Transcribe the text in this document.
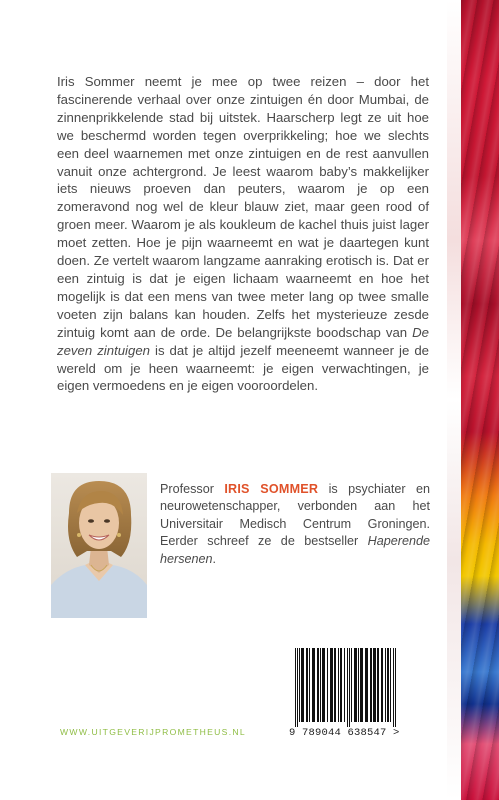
Iris Sommer neemt je mee op twee reizen – door het fascinerende verhaal over onze zintuigen én door Mumbai, de zinnenprikkelende stad bij uitstek. Haarscherp legt ze uit hoe we beschermd worden tegen overprikkeling; hoe we slechts een deel waarnemen met onze zintuigen en de rest aanvullen vanuit onze achtergrond. Je leest waarom baby’s makkelijker iets nieuws proeven dan peuters, waarom je op een zomeravond nog wel de kleur blauw ziet, maar geen rood of groen meer. Waarom je als koukleum de kachel thuis juist lager moet zetten. Hoe je pijn waarneemt en wat je daartegen kunt doen. Ze vertelt waarom langzame aanraking erotisch is. Dat er een zintuig is dat je eigen lichaam waarneemt en hoe het mogelijk is dat een mens van twee meter lang op twee smalle voeten zijn balans kan houden. Zelfs het mysterieuze zesde zintuig komt aan de orde. De belangrijkste boodschap van De zeven zintuigen is dat je altijd jezelf meeneemt wanneer je de wereld om je heen waarneemt: je eigen verwachtingen, je eigen vermoedens en je eigen vooroordelen.

Professor IRIS SOMMER is psychiater en neurowetenschapper, verbonden aan het Universitair Medisch Centrum Groningen. Eerder schreef ze de bestseller Haperende hersenen.

WWW.UITGEVERIJPROMETHEUS.NL	9 789044 638547 >
